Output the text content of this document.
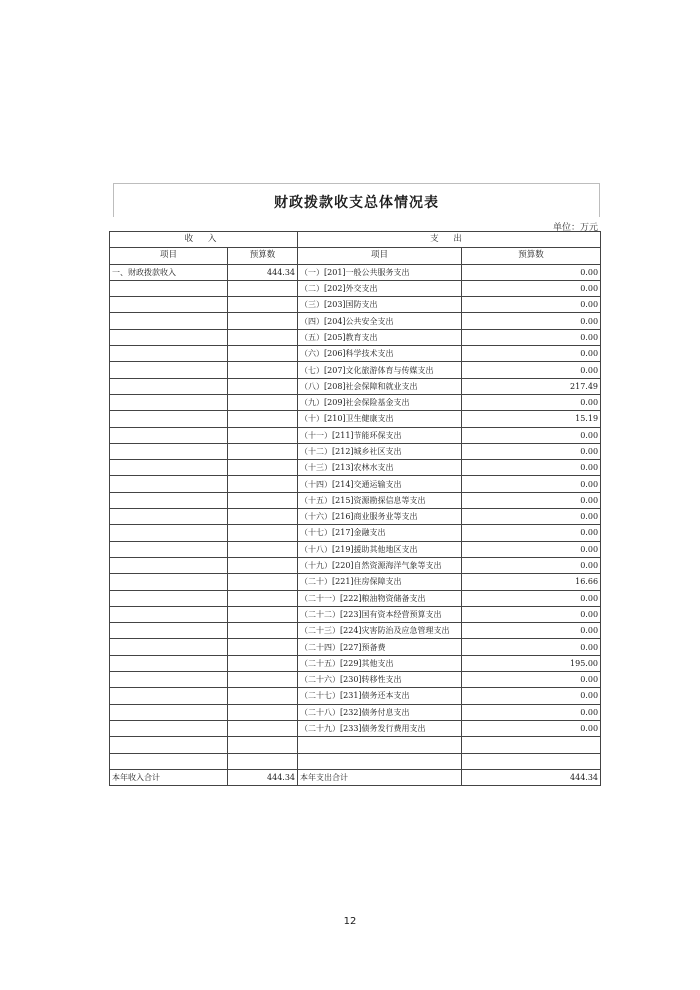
财政拨款收支总体情况表
单位：万元
收 入		支 出	
项目	预算数	项目	预算数
一、财政拨款收入	444.34	（一）[201]一般公共服务支出	0.00
		（二）[202]外交支出	0.00
		（三）[203]国防支出	0.00
		（四）[204]公共安全支出	0.00
		（五）[205]教育支出	0.00
		（六）[206]科学技术支出	0.00
		（七）[207]文化旅游体育与传媒支出	0.00
		（八）[208]社会保障和就业支出	217.49
		（九）[209]社会保险基金支出	0.00
		（十）[210]卫生健康支出	15.19
		（十一）[211]节能环保支出	0.00
		（十二）[212]城乡社区支出	0.00
		（十三）[213]农林水支出	0.00
		（十四）[214]交通运输支出	0.00
		（十五）[215]资源勘探信息等支出	0.00
		（十六）[216]商业服务业等支出	0.00
		（十七）[217]金融支出	0.00
		（十八）[219]援助其他地区支出	0.00
		（十九）[220]自然资源海洋气象等支出	0.00
		（二十）[221]住房保障支出	16.66
		（二十一）[222]粮油物资储备支出	0.00
		（二十二）[223]国有资本经营预算支出	0.00
		（二十三）[224]灾害防治及应急管理支出	0.00
		（二十四）[227]预备费	0.00
		（二十五）[229]其他支出	195.00
		（二十六）[230]转移性支出	0.00
		（二十七）[231]债务还本支出	0.00
		（二十八）[232]债务付息支出	0.00
		（二十九）[233]债务发行费用支出	0.00

本年收入合计	444.34	本年支出合计	444.34
12
